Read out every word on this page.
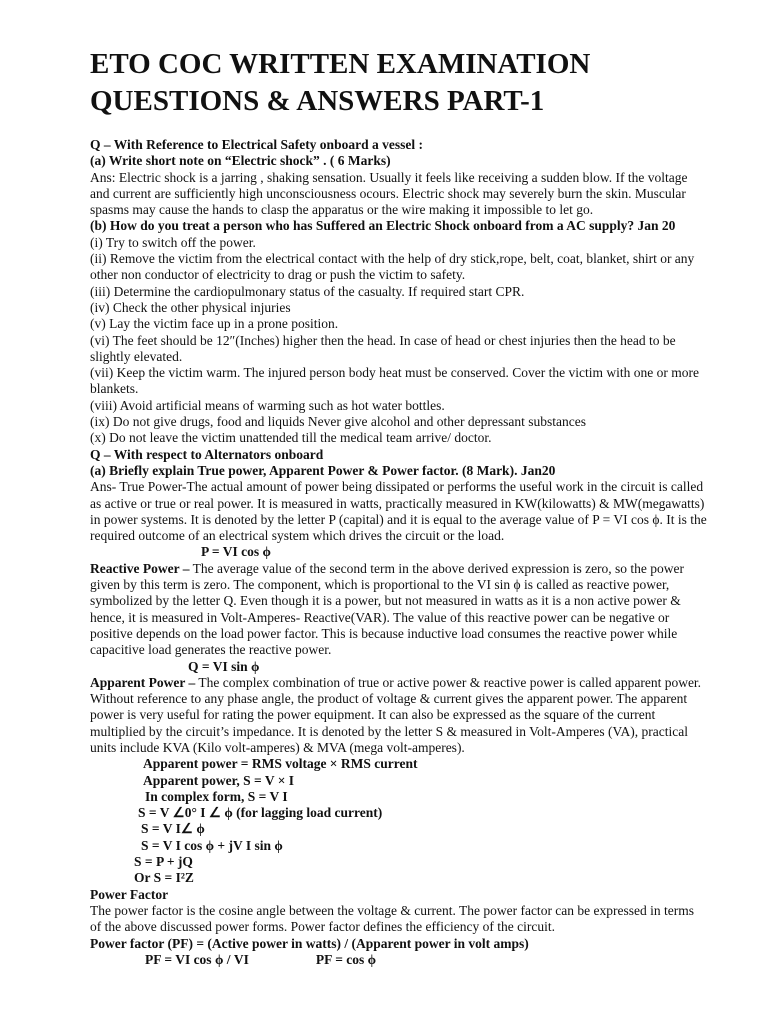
ETO COC WRITTEN EXAMINATION
QUESTIONS & ANSWERS PART-1
Q – With Reference to Electrical Safety onboard a vessel :
(a) Write short note on “Electric shock” . ( 6 Marks)
Ans: Electric shock is a jarring , shaking sensation. Usually it feels like receiving a sudden blow. If the voltage
and current are sufficiently high unconsciousness ocours. Electric shock may severely burn the skin. Muscular
spasms may cause the hands to clasp the apparatus or the wire making it impossible to let go.
(b) How do you treat a person who has Suffered an Electric Shock onboard from a AC supply? Jan 20
(i) Try to switch off the power.
(ii) Remove the victim from the electrical contact with the help of dry stick,rope, belt, coat, blanket, shirt or any
other non conductor of electricity to drag or push the victim to safety.
(iii) Determine the cardiopulmonary status of the casualty. If required start CPR.
(iv) Check the other physical injuries
(v) Lay the victim face up in a prone position.
(vi) The feet should be 12″(Inches) higher then the head. In case of head or chest injuries then the head to be
slightly elevated.
(vii) Keep the victim warm. The injured person body heat must be conserved. Cover the victim with one or more
blankets.
(viii) Avoid artificial means of warming such as hot water bottles.
(ix) Do not give drugs, food and liquids Never give alcohol and other depressant substances
(x) Do not leave the victim unattended till the medical team arrive/ doctor.
Q – With respect to Alternators onboard
(a) Briefly explain True power, Apparent Power & Power factor. (8 Mark). Jan20
Ans- True Power-The actual amount of power being dissipated or performs the useful work in the circuit is called
as active or true or real power. It is measured in watts, practically measured in KW(kilowatts) & MW(megawatts)
in power systems. It is denoted by the letter P (capital) and it is equal to the average value of P = VI cos ϕ. It is the
required outcome of an electrical system which drives the circuit or the load.
P = VI cos ϕ
Reactive Power – The average value of the second term in the above derived expression is zero, so the power
given by this term is zero. The component, which is proportional to the VI sin ϕ is called as reactive power,
symbolized by the letter Q. Even though it is a power, but not measured in watts as it is a non active power &
hence, it is measured in Volt-Amperes- Reactive(VAR). The value of this reactive power can be negative or
positive depends on the load power factor. This is because inductive load consumes the reactive power while
capacitive load generates the reactive power.
Q = VI sin ϕ
Apparent Power – The complex combination of true or active power & reactive power is called apparent power.
Without reference to any phase angle, the product of voltage & current gives the apparent power. The apparent
power is very useful for rating the power equipment. It can also be expressed as the square of the current
multiplied by the circuit’s impedance. It is denoted by the letter S & measured in Volt-Amperes (VA), practical
units include KVA (Kilo volt-amperes) & MVA (mega volt-amperes).
Apparent power = RMS voltage × RMS current
Apparent power, S = V × I
In complex form, S = V I
S = V ∠0° I ∠ ϕ (for lagging load current)
S = V I∠ ϕ
S = V I cos ϕ + jV I sin ϕ
S = P + jQ
Or S = I²Z
Power Factor
The power factor is the cosine angle between the voltage & current. The power factor can be expressed in terms
of the above discussed power forms. Power factor defines the efficiency of the circuit.
Power factor (PF) = (Active power in watts) / (Apparent power in volt amps)
PF = VI cos ϕ / VI	PF = cos ϕ
